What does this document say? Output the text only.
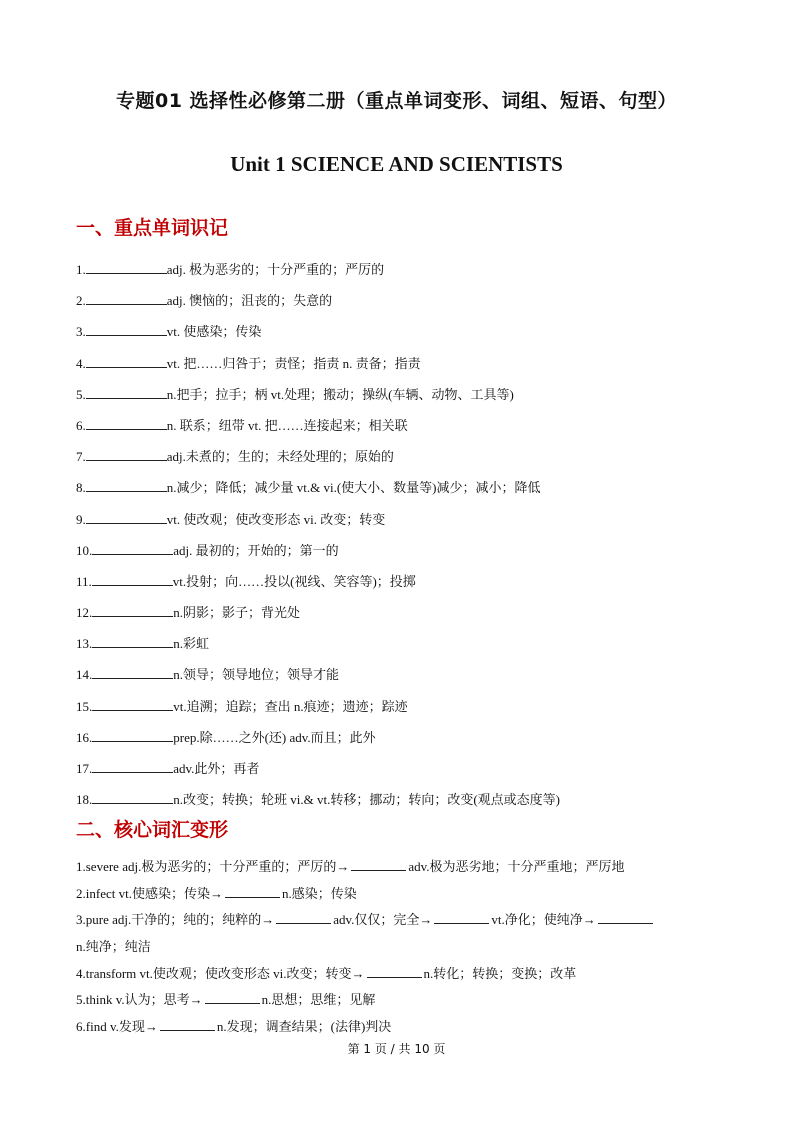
专题01 选择性必修第二册（重点单词变形、词组、短语、句型）
Unit 1 SCIENCE AND SCIENTISTS
一、重点单词识记
1.	adj. 极为恶劣的；十分严重的；严厉的
2.	adj. 懊恼的；沮丧的；失意的
3.	vt. 使感染；传染
4.	vt. 把……归咎于；责怪；指责 n. 责备；指责
5.	n.把手；拉手；柄 vt.处理；搬动；操纵(车辆、动物、工具等)
6.	n. 联系；纽带 vt. 把……连接起来；相关联
7.	adj.未煮的；生的；未经处理的；原始的
8.	n.减少；降低；减少量 vt.& vi.(使大小、数量等)减少；减小；降低
9.	vt. 使改观；使改变形态 vi. 改变；转变
10.	adj. 最初的；开始的；第一的
11.	vt.投射；向……投以(视线、笑容等)；投掷
12.	n.阴影；影子；背光处
13.	n.彩虹
14.	n.领导；领导地位；领导才能
15.	vt.追溯；追踪；查出 n.痕迹；遗迹；踪迹
16.	prep.除……之外(还) adv.而且；此外
17.	adv.此外；再者
18.	n.改变；转换；轮班 vi.& vt.转移；挪动；转向；改变(观点或态度等)
二、核心词汇变形
1.severe adj.极为恶劣的；十分严重的；严厉的→	adv.极为恶劣地；十分严重地；严厉地
2.infect vt.使感染；传染→	n.感染；传染
3.pure adj.干净的；纯的；纯粹的→	adv.仅仅；完全→	vt.净化；使纯净→
n.纯净；纯洁
4.transform vt.使改观；使改变形态 vi.改变；转变→	n.转化；转换；变换；改革
5.think v.认为；思考→	n.思想；思维；见解
6.find v.发现→	n.发现；调查结果；(法律)判决
第 1 页 / 共 10 页
